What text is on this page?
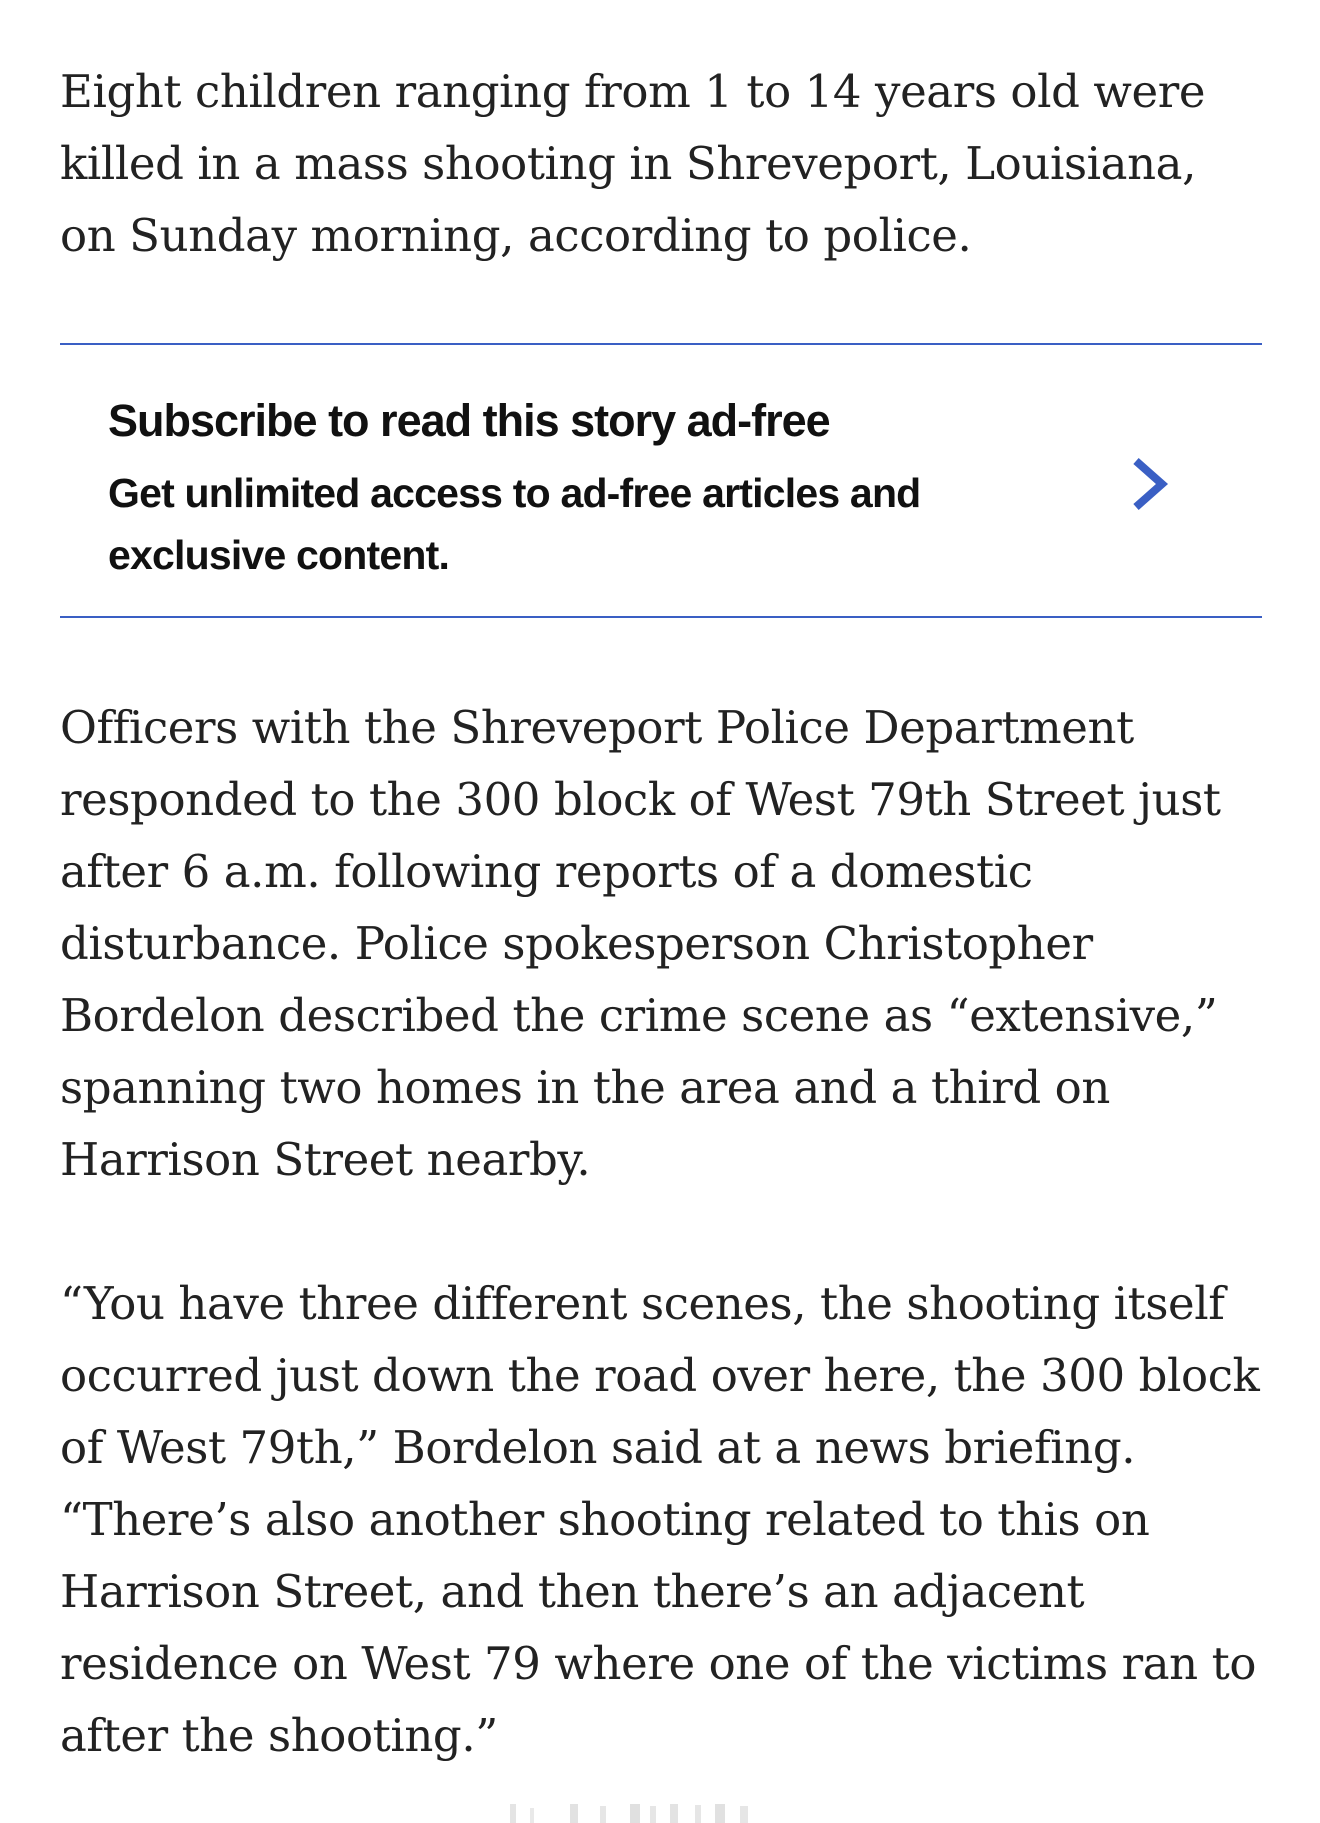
Eight children ranging from 1 to 14 years old were killed in a mass shooting in Shreveport, Louisiana, on Sunday morning, according to police.

Subscribe to read this story ad-free

Get unlimited access to ad-free articles and exclusive content.

Officers with the Shreveport Police Department responded to the 300 block of West 79th Street just after 6 a.m. following reports of a domestic disturbance. Police spokesperson Christopher Bordelon described the crime scene as “extensive,” spanning two homes in the area and a third on Harrison Street nearby.

“You have three different scenes, the shooting itself occurred just down the road over here, the 300 block of West 79th,” Bordelon said at a news briefing. “There’s also another shooting related to this on Harrison Street, and then there’s an adjacent residence on West 79 where one of the victims ran to after the shooting.”
